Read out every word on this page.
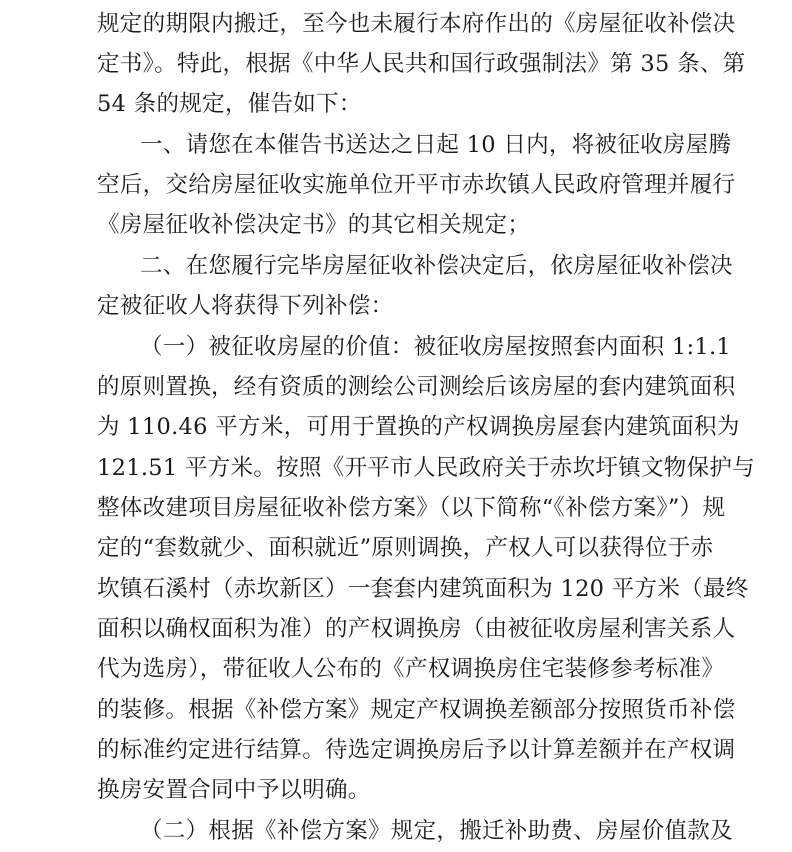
规定的期限内搬迁，至今也未履行本府作出的《房屋征收补偿决
定书》。特此，根据《中华人民共和国行政强制法》第 35 条、第
54 条的规定，催告如下：
一、请您在本催告书送达之日起 10 日内，将被征收房屋腾
空后，交给房屋征收实施单位开平市赤坎镇人民政府管理并履行
《房屋征收补偿决定书》的其它相关规定；
二、在您履行完毕房屋征收补偿决定后，依房屋征收补偿决
定被征收人将获得下列补偿：
（一）被征收房屋的价值：被征收房屋按照套内面积 1:1.1
的原则置换，经有资质的测绘公司测绘后该房屋的套内建筑面积
为 110.46 平方米，可用于置换的产权调换房屋套内建筑面积为
121.51 平方米。按照《开平市人民政府关于赤坎圩镇文物保护与
整体改建项目房屋征收补偿方案》（以下简称“《补偿方案》”）规
定的“套数就少、面积就近”原则调换，产权人可以获得位于赤
坎镇石溪村（赤坎新区）一套套内建筑面积为 120 平方米（最终
面积以确权面积为准）的产权调换房（由被征收房屋利害关系人
代为选房），带征收人公布的《产权调换房住宅装修参考标准》
的装修。根据《补偿方案》规定产权调换差额部分按照货币补偿
的标准约定进行结算。待选定调换房后予以计算差额并在产权调
换房安置合同中予以明确。
（二）根据《补偿方案》规定，搬迁补助费、房屋价值款及
